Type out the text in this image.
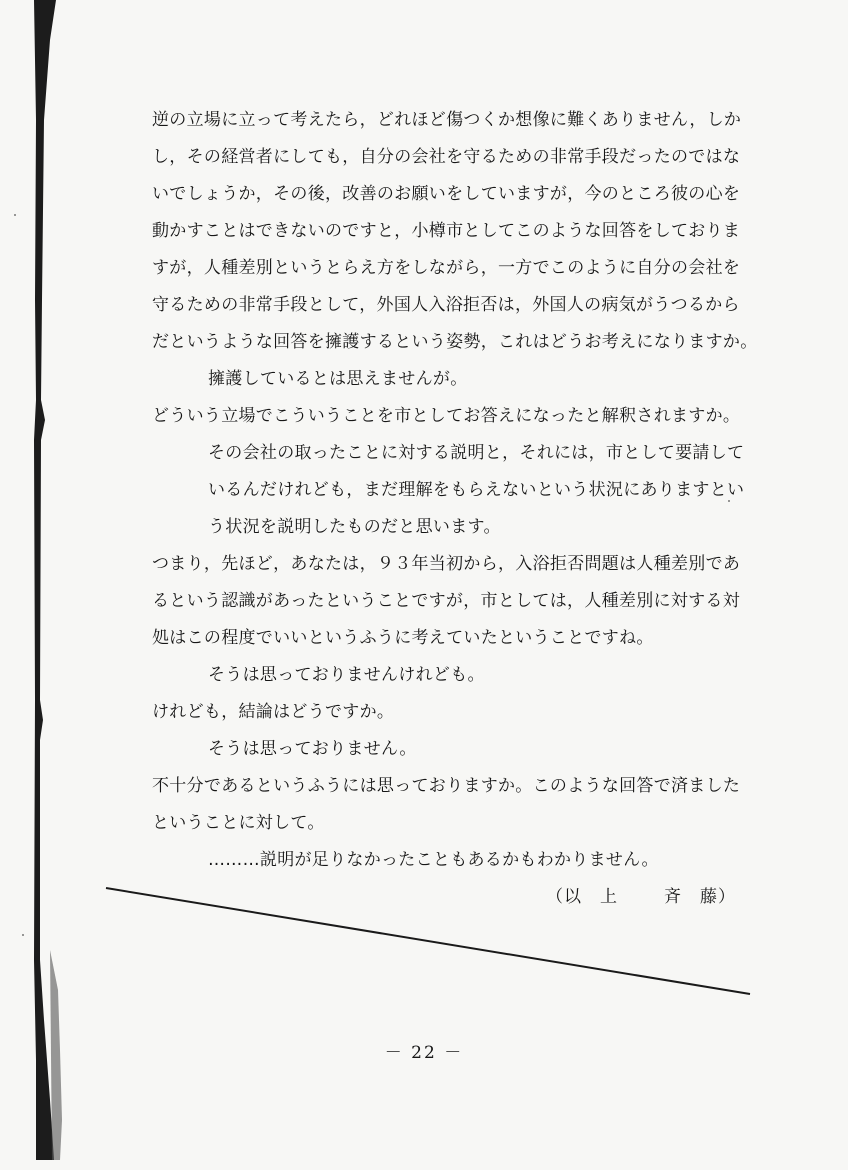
逆の立場に立って考えたら，どれほど傷つくか想像に難くありません，しか
し，その経営者にしても，自分の会社を守るための非常手段だったのではな
いでしょうか，その後，改善のお願いをしていますが，今のところ彼の心を
動かすことはできないのですと，小樽市としてこのような回答をしておりま
すが，人種差別というとらえ方をしながら，一方でこのように自分の会社を
守るための非常手段として，外国人入浴拒否は，外国人の病気がうつるから
だというような回答を擁護するという姿勢，これはどうお考えになりますか。
擁護しているとは思えませんが。
どういう立場でこういうことを市としてお答えになったと解釈されますか。
その会社の取ったことに対する説明と，それには，市として要請して
いるんだけれども，まだ理解をもらえないという状況にありますとい
う状況を説明したものだと思います。
つまり，先ほど，あなたは，９３年当初から，入浴拒否問題は人種差別であ
るという認識があったということですが，市としては，人種差別に対する対
処はこの程度でいいというふうに考えていたということですね。
そうは思っておりませんけれども。
けれども，結論はどうですか。
そうは思っておりません。
不十分であるというふうには思っておりますか。このような回答で済ました
ということに対して。
………説明が足りなかったこともあるかもわかりません。
（以 上	斉 藤）
－ 22 －
